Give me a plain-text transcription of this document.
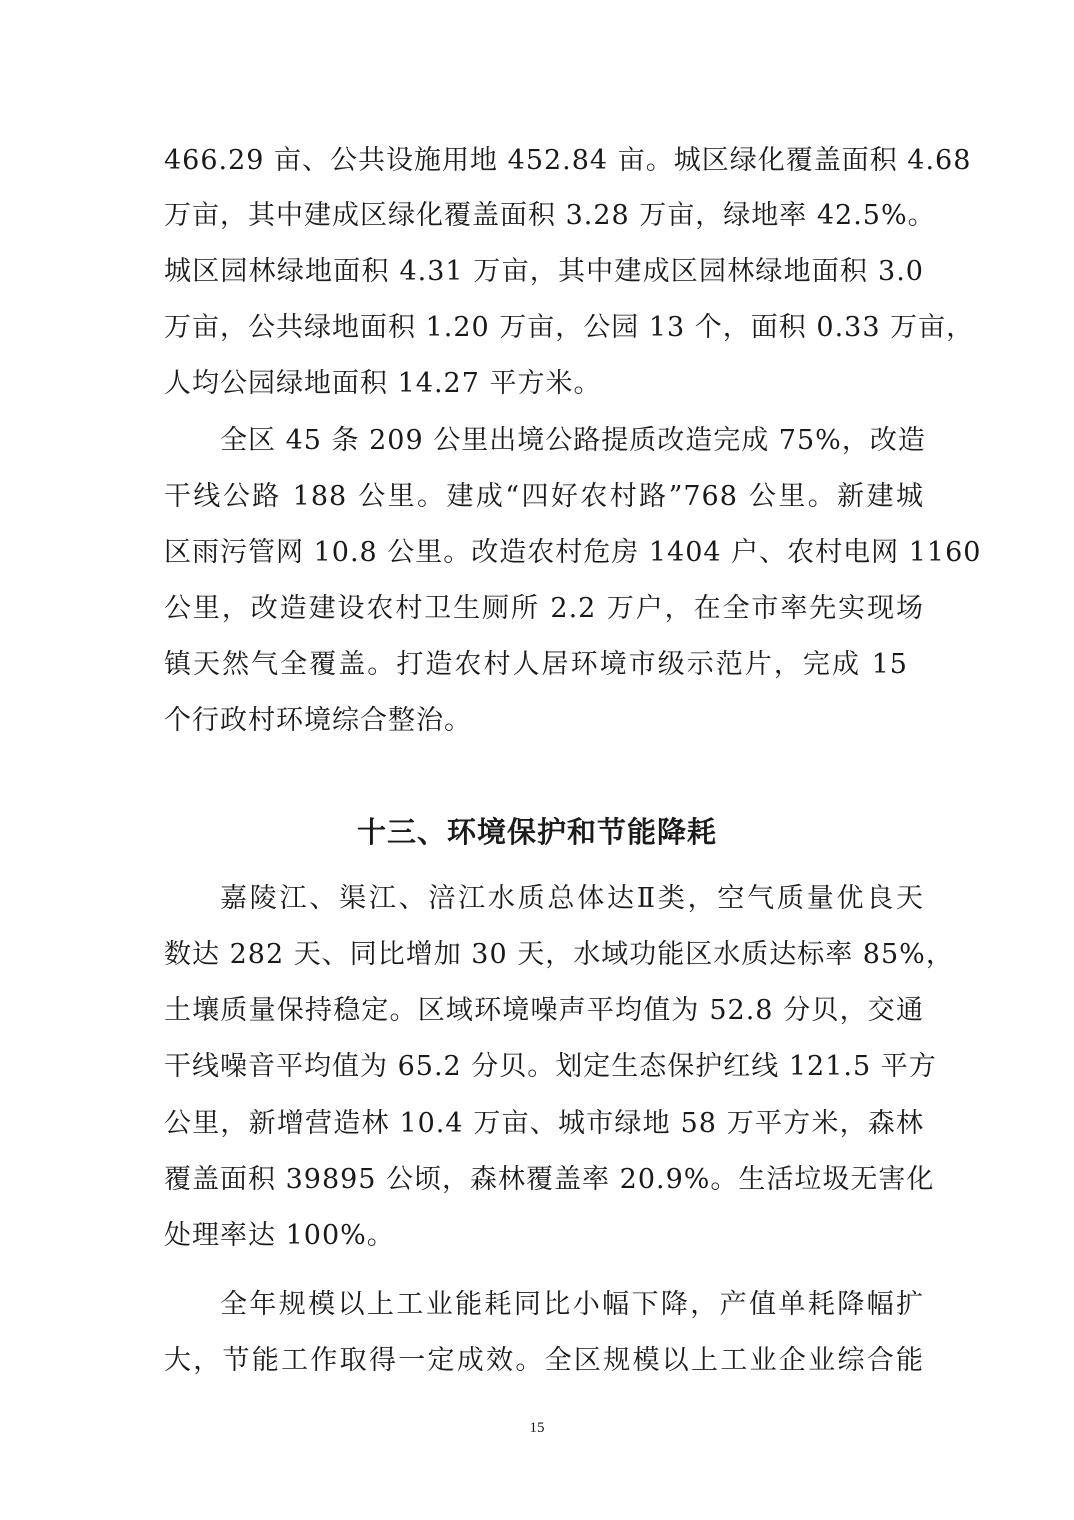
466.29 亩、公共设施用地 452.84 亩。城区绿化覆盖面积 4.68
万亩，其中建成区绿化覆盖面积 3.28 万亩，绿地率 42.5%。
城区园林绿地面积 4.31 万亩，其中建成区园林绿地面积 3.0
万亩，公共绿地面积 1.20 万亩，公园 13 个，面积 0.33 万亩，
人均公园绿地面积 14.27 平方米。
全区 45 条 209 公里出境公路提质改造完成 75%，改造
干线公路 188 公里。建成“四好农村路”768 公里。新建城
区雨污管网 10.8 公里。改造农村危房 1404 户、农村电网 1160
公里，改造建设农村卫生厕所 2.2 万户，在全市率先实现场
镇天然气全覆盖。打造农村人居环境市级示范片，完成 15
个行政村环境综合整治。
十三、环境保护和节能降耗
嘉陵江、渠江、涪江水质总体达Ⅱ类，空气质量优良天
数达 282 天、同比增加 30 天，水域功能区水质达标率 85%，
土壤质量保持稳定。区域环境噪声平均值为 52.8 分贝，交通
干线噪音平均值为 65.2 分贝。划定生态保护红线 121.5 平方
公里，新增营造林 10.4 万亩、城市绿地 58 万平方米，森林
覆盖面积 39895 公顷，森林覆盖率 20.9%。生活垃圾无害化
处理率达 100%。
全年规模以上工业能耗同比小幅下降，产值单耗降幅扩
大，节能工作取得一定成效。全区规模以上工业企业综合能
15
